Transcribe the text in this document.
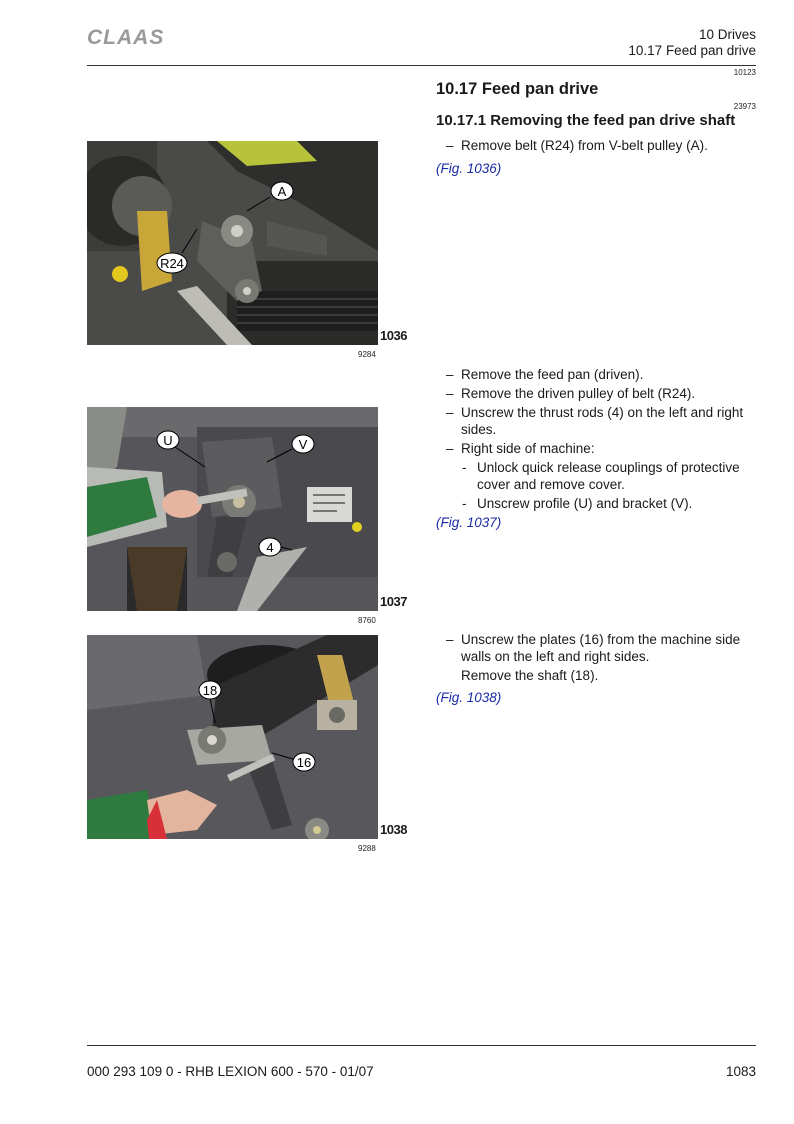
CLAAS	10 Drives
10.17 Feed pan drive
10123
23973
10.17 Feed pan drive
10.17.1 Removing the feed pan drive shaft
– Remove belt (R24) from V-belt pulley (A).
(Fig. 1036)
– Remove the feed pan (driven).
– Remove the driven pulley of belt (R24).
– Unscrew the thrust rods (4) on the left and right sides.
– Right side of machine:
- Unlock quick release couplings of protective cover and remove cover.
- Unscrew profile (U) and bracket (V).
(Fig. 1037)
– Unscrew the plates (16) from the machine side walls on the left and right sides.
Remove the shaft (18).
(Fig. 1038)
A
R24
1036
9284
U	V
4
1037
8760
18
16
1038
9288
000 293 109 0 - RHB LEXION 600 - 570 - 01/07	1083
